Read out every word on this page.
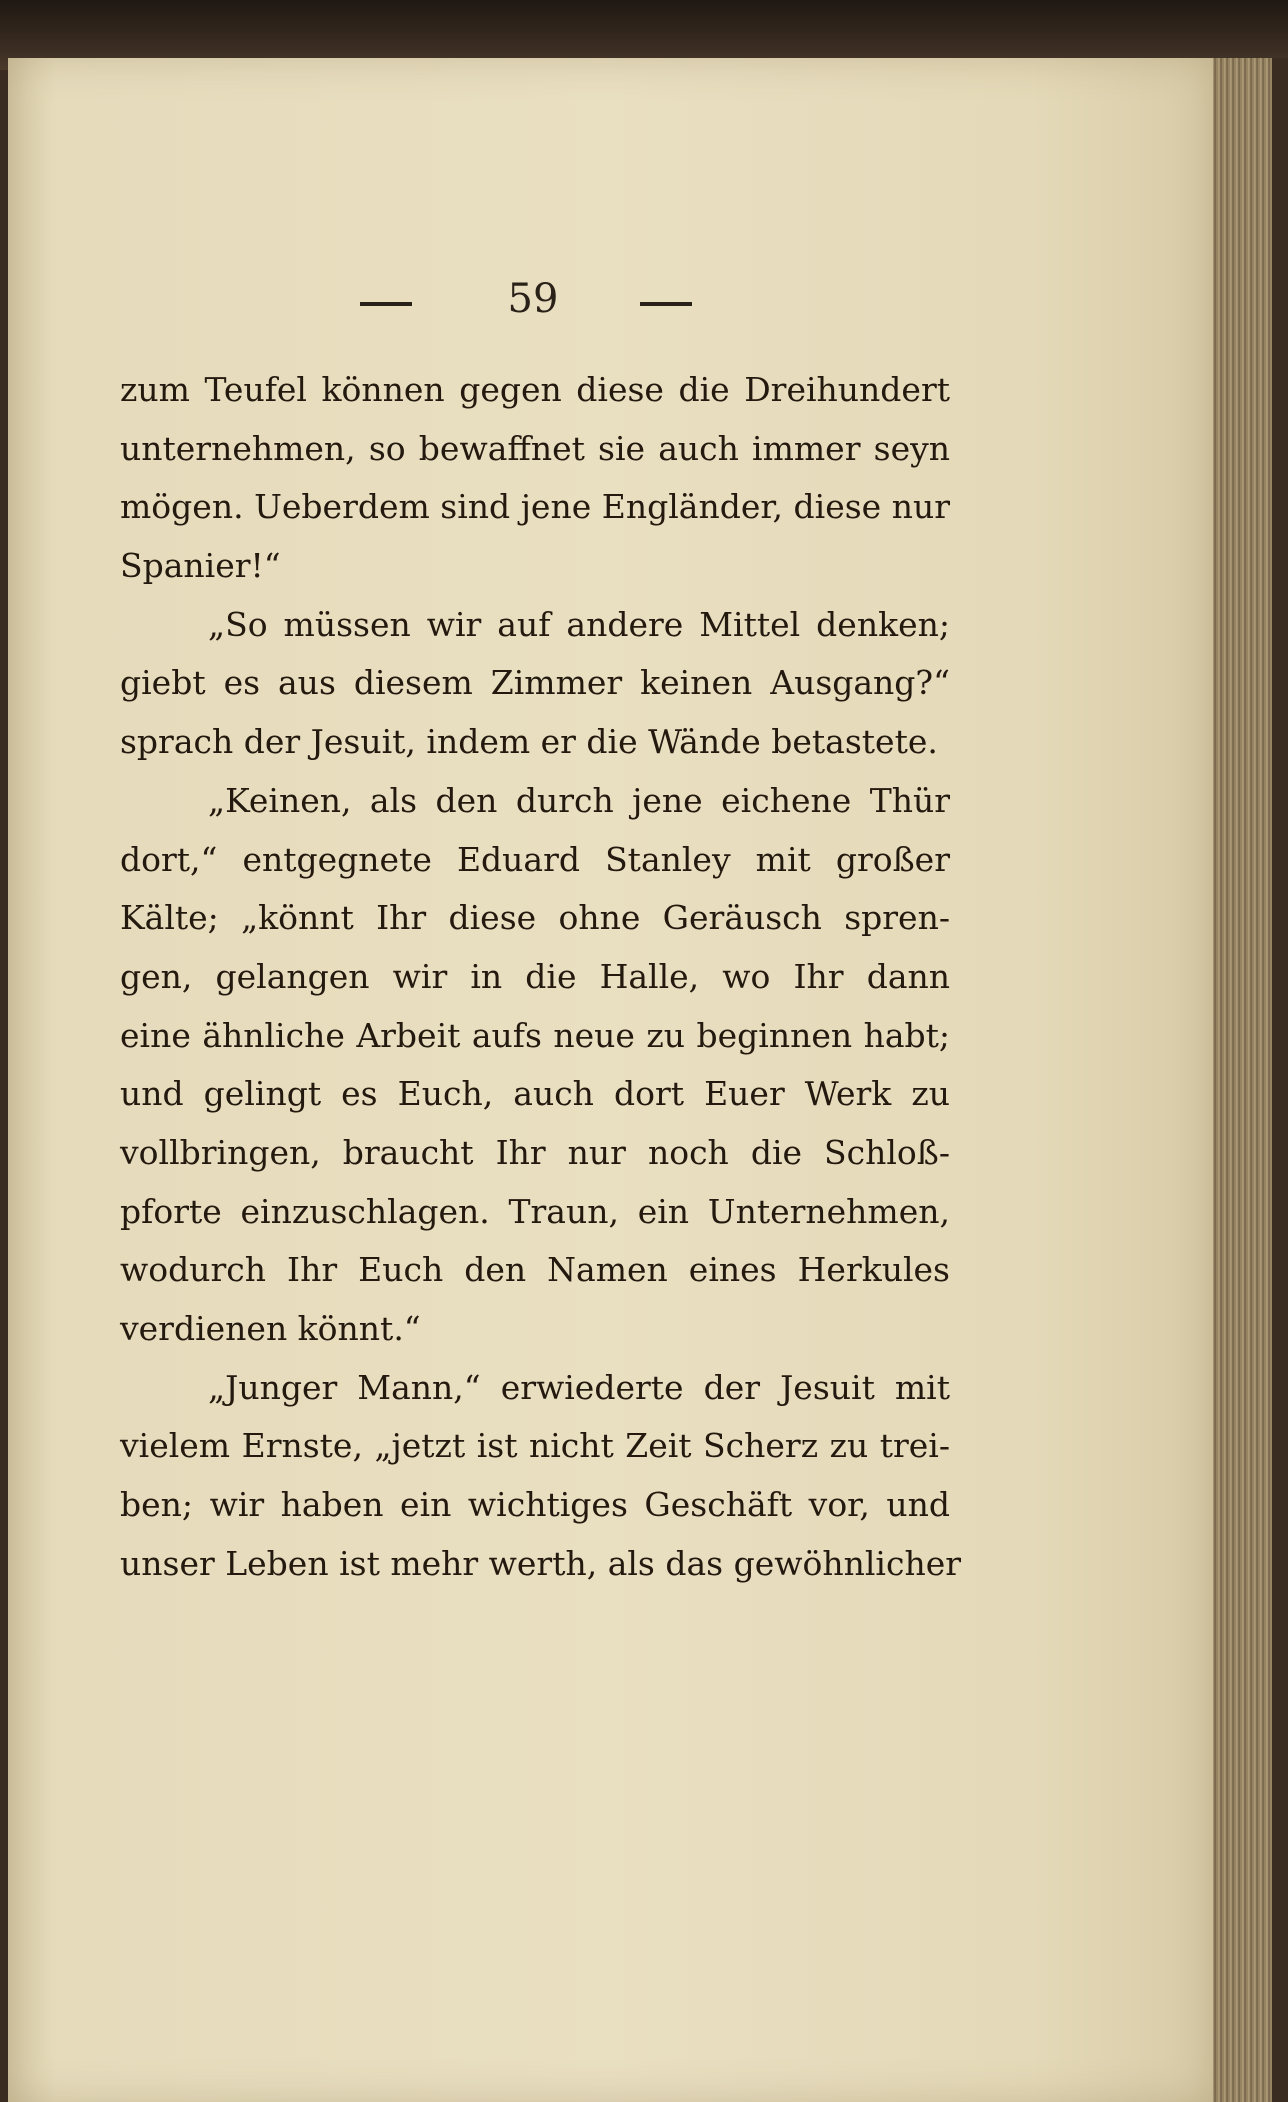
59
zum Teufel können gegen diese die Dreihundert
unternehmen, so bewaffnet sie auch immer seyn
mögen. Ueberdem sind jene Engländer, diese nur
Spanier!“
„So müssen wir auf andere Mittel denken;
giebt es aus diesem Zimmer keinen Ausgang?“
sprach der Jesuit, indem er die Wände betastete.
„Keinen, als den durch jene eichene Thür
dort,“ entgegnete Eduard Stanley mit großer
Kälte; „könnt Ihr diese ohne Geräusch spren-
gen, gelangen wir in die Halle, wo Ihr dann
eine ähnliche Arbeit aufs neue zu beginnen habt;
und gelingt es Euch, auch dort Euer Werk zu
vollbringen, braucht Ihr nur noch die Schloß-
pforte einzuschlagen. Traun, ein Unternehmen,
wodurch Ihr Euch den Namen eines Herkules
verdienen könnt.“
„Junger Mann,“ erwiederte der Jesuit mit
vielem Ernste, „jetzt ist nicht Zeit Scherz zu trei-
ben; wir haben ein wichtiges Geschäft vor, und
unser Leben ist mehr werth, als das gewöhnlicher
